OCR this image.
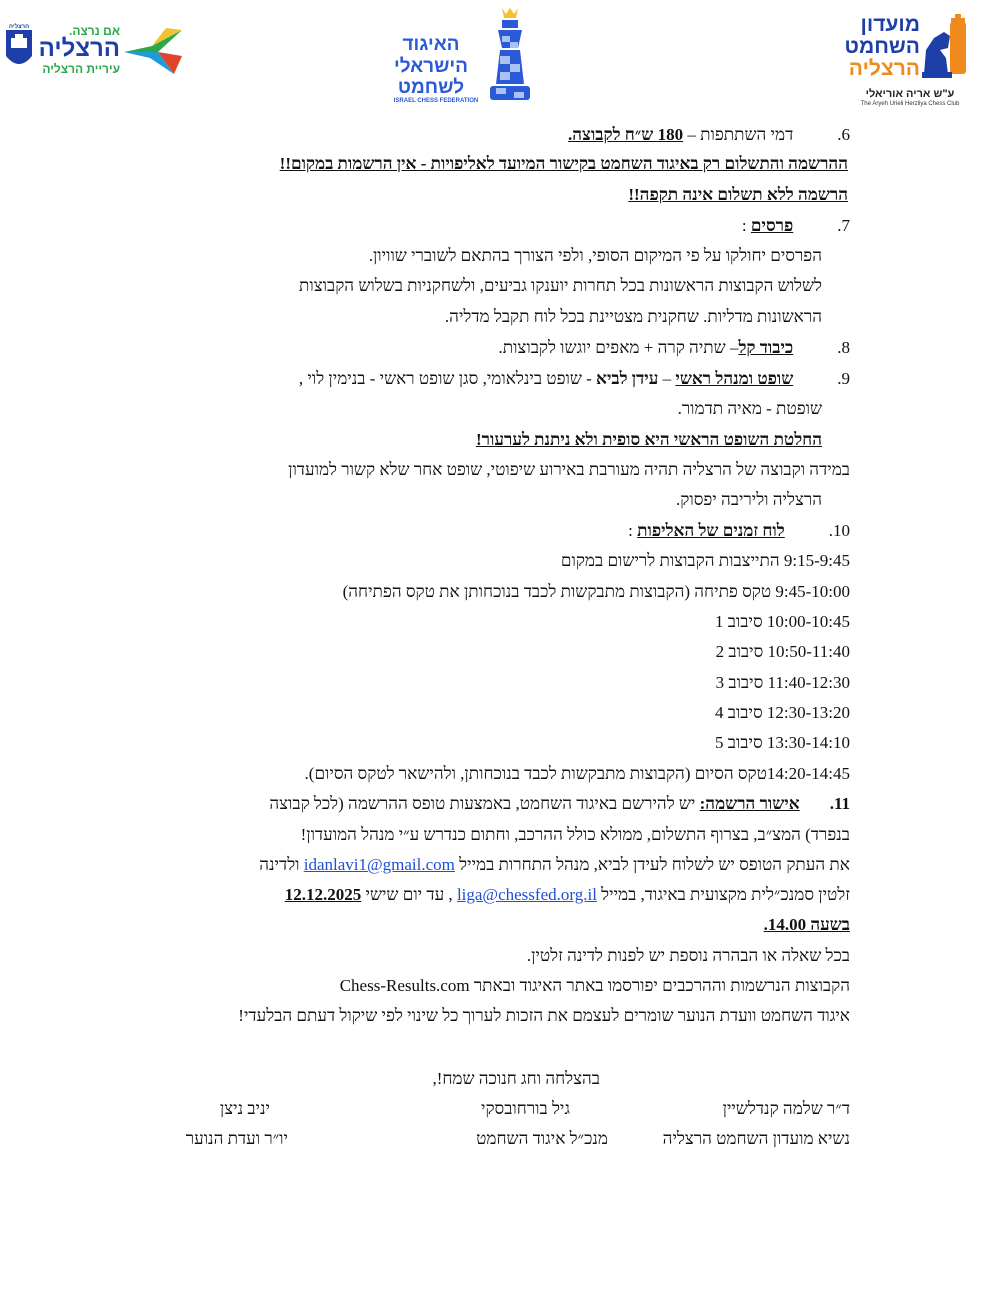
מועדון
השחמט
הרצליה
ע"ש אריה אוריאלי
The Aryeh Urieli Herzliya Chess Club
האיגוד
הישראלי
לשחמט
ISRAEL CHESS FEDERATION
הרצליה	אם נרצה.
הרצליה
עיריית הרצליה
6.דמי השתתפות – 180 ש״ח לקבוצה.
ההרשמה והתשלום רק באיגוד השחמט בקישור המיועד לאליפויות - אין הרשמות במקום!!
הרשמה ללא תשלום אינה תקפה!!
7.פרסים :
הפרסים יחולקו על פי המיקום הסופי, ולפי הצורך בהתאם לשוברי שוויון.
לשלוש הקבוצות הראשונות בכל תחרות יוענקו גביעים, ולשחקניות בשלוש הקבוצות
הראשונות מדליות. שחקנית מצטיינת בכל לוח תקבל מדליה.
8.כיבוד קל– שתיה קרה + מאפים יוגשו לקבוצות.
9.שופט ומנהל ראשי – עידן לביא - שופט בינלאומי, סגן שופט ראשי - בנימין לוי ,
שופטת - מאיה תדמור.
החלטת השופט הראשי היא סופית ולא ניתנת לערעור!
במידה וקבוצה של הרצליה תהיה מעורבת באירוע שיפוטי, שופט אחר שלא קשור למועדון
הרצליה וליריבה יפסוק.
10.לוח זמנים של האליפות :
9:15-9:45 התייצבות הקבוצות לרישום במקום
9:45-10:00 טקס פתיחה (הקבוצות מתבקשות לכבד בנוכחותן את טקס הפתיחה)
10:00-10:45 סיבוב 1
10:50-11:40 סיבוב 2
11:40-12:30 סיבוב 3
12:30-13:20 סיבוב 4
13:30-14:10 סיבוב 5
14:20-14:45טקס הסיום (הקבוצות מתבקשות לכבד בנוכחותן, ולהישאר לטקס הסיום).
11.אישור הרשמה: יש להירשם באיגוד השחמט, באמצעות טופס ההרשמה (לכל קבוצה
בנפרד) המצ״ב, בצרוף התשלום, ממולא כולל ההרכב, וחתום כנדרש ע״י מנהל המועדון!
את העתק הטופס יש לשלוח לעידן לביא, מנהל התחרות במייל idanlavi1@gmail.com ולדינה
זלטין סמנכ״לית מקצועית באיגוד, במייל liga@chessfed.org.il , עד יום שישי 12.12.2025
בשעה 14.00.
בכל שאלה או הבהרה נוספת יש לפנות לדינה זלטין.
הקבוצות הנרשמות וההרכבים יפורסמו באתר האיגוד ובאתר Chess-Results.com
איגוד השחמט וועדת הנוער שומרים לעצמם את הזכות לערוך כל שינוי לפי שיקול דעתם הבלעדי!
בהצלחה וחג חנוכה שמח!,
ד״ר שלמה קנדלשיין
נשיא מועדון השחמט הרצליה
גיל בורחובסקי
מנכ״ל איגוד השחמט
יניב ניצן
יו״ר ועדת הנוער
